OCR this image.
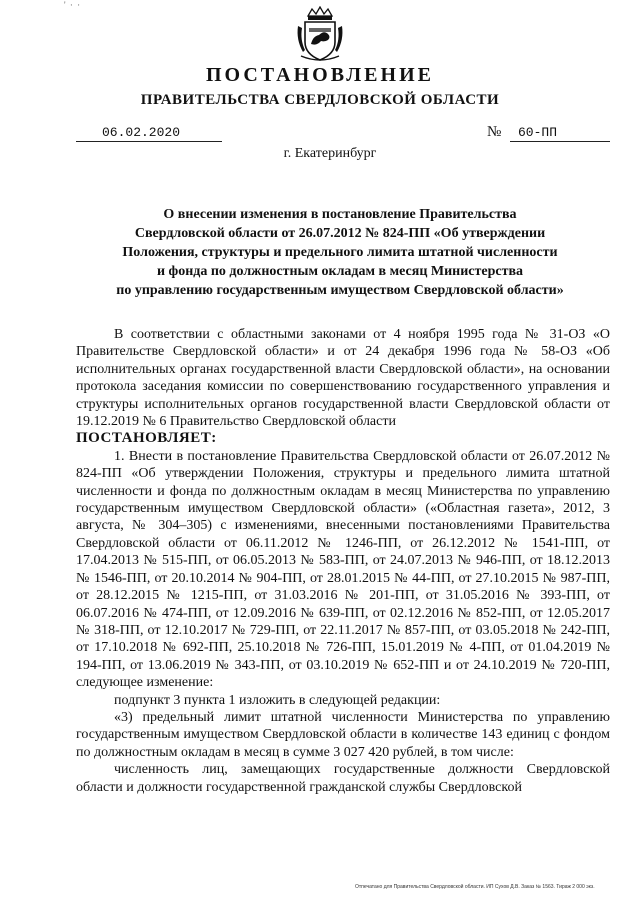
' · ·
ПОСТАНОВЛЕНИЕ
ПРАВИТЕЛЬСТВА СВЕРДЛОВСКОЙ ОБЛАСТИ
06.02.2020	№	60-ПП
г. Екатеринбург
О внесении изменения в постановление Правительства
Свердловской области от 26.07.2012 № 824-ПП «Об утверждении
Положения, структуры и предельного лимита штатной численности
и фонда по должностным окладам в месяц Министерства
по управлению государственным имуществом Свердловской области»

В соответствии с областными законами от 4 ноября 1995 года № 31-ОЗ «О Правительстве Свердловской области» и от 24 декабря 1996 года № 58-ОЗ «Об исполнительных органах государственной власти Свердловской области», на основании протокола заседания комиссии по совершенствованию государственного управления и структуры исполнительных органов государственной власти Свердловской области от 19.12.2019 № 6 Правительство Свердловской области

ПОСТАНОВЛЯЕТ:

1. Внести в постановление Правительства Свердловской области от 26.07.2012 № 824-ПП «Об утверждении Положения, структуры и предельного лимита штатной численности и фонда по должностным окладам в месяц Министерства по управлению государственным имуществом Свердловской области» («Областная газета», 2012, 3 августа, № 304–305) с изменениями, внесенными постановлениями Правительства Свердловской области от 06.11.2012 № 1246-ПП, от 26.12.2012 № 1541-ПП, от 17.04.2013 № 515-ПП, от 06.05.2013 № 583-ПП, от 24.07.2013 № 946-ПП, от 18.12.2013 № 1546-ПП, от 20.10.2014 № 904-ПП, от 28.01.2015 № 44-ПП, от 27.10.2015 № 987-ПП, от 28.12.2015 № 1215-ПП, от 31.03.2016 № 201-ПП, от 31.05.2016 № 393-ПП, от 06.07.2016 № 474-ПП, от 12.09.2016 № 639-ПП, от 02.12.2016 № 852-ПП, от 12.05.2017 № 318-ПП, от 12.10.2017 № 729-ПП, от 22.11.2017 № 857-ПП, от 03.05.2018 № 242-ПП, от 17.10.2018 № 692-ПП, 25.10.2018 № 726-ПП, 15.01.2019 № 4-ПП, от 01.04.2019 № 194-ПП, от 13.06.2019 № 343-ПП, от 03.10.2019 № 652-ПП и от 24.10.2019 № 720-ПП, следующее изменение:

подпункт 3 пункта 1 изложить в следующей редакции:

«3) предельный лимит штатной численности Министерства по управлению государственным имуществом Свердловской области в количестве 143 единиц с фондом по должностным окладам в месяц в сумме 3 027 420 рублей, в том числе:

численность лиц, замещающих государственные должности Свердловской области и должности государственной гражданской службы Свердловской

Отпечатано для Правительства Свердловской области. ИП Сухов Д.В. Заказ № 1563. Тираж 2 000 экз.
